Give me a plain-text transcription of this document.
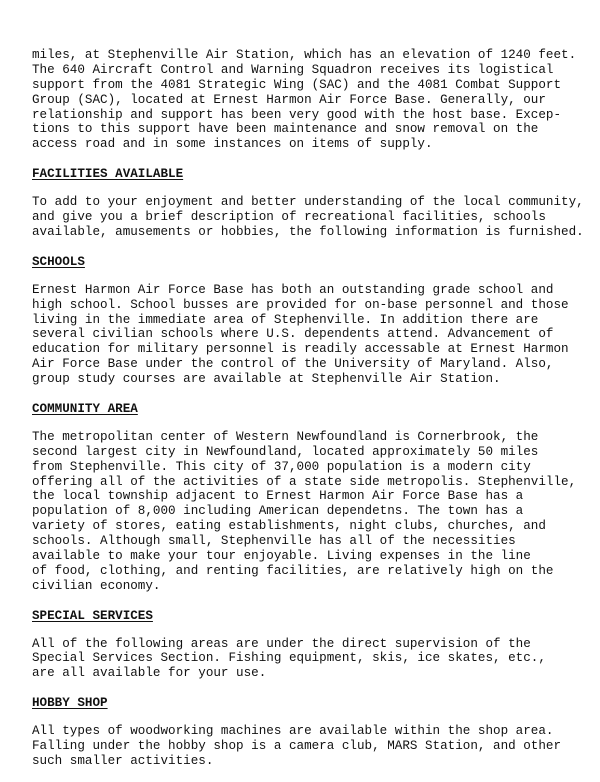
miles, at Stephenville Air Station, which has an elevation of 1240 feet.
The 640 Aircraft Control and Warning Squadron receives its logistical
support from the 4081 Strategic Wing (SAC) and the 4081 Combat Support
Group (SAC), located at Ernest Harmon Air Force Base. Generally, our
relationship and support has been very good with the host base. Excep-
tions to this support have been maintenance and snow removal on the
access road and in some instances on items of supply.

FACILITIES AVAILABLE

To add to your enjoyment and better understanding of the local community,
and give you a brief description of recreational facilities, schools
available, amusements or hobbies, the following information is furnished.

SCHOOLS

Ernest Harmon Air Force Base has both an outstanding grade school and
high school. School busses are provided for on-base personnel and those
living in the immediate area of Stephenville. In addition there are
several civilian schools where U.S. dependents attend. Advancement of
education for military personnel is readily accessable at Ernest Harmon
Air Force Base under the control of the University of Maryland. Also,
group study courses are available at Stephenville Air Station.

COMMUNITY AREA

The metropolitan center of Western Newfoundland is Cornerbrook, the
second largest city in Newfoundland, located approximately 50 miles
from Stephenville. This city of 37,000 population is a modern city
offering all of the activities of a state side metropolis. Stephenville,
the local township adjacent to Ernest Harmon Air Force Base has a
population of 8,000 including American dependetns. The town has a
variety of stores, eating establishments, night clubs, churches, and
schools. Although small, Stephenville has all of the necessities
available to make your tour enjoyable. Living expenses in the line
of food, clothing, and renting facilities, are relatively high on the
civilian economy.

SPECIAL SERVICES

All of the following areas are under the direct supervision of the
Special Services Section. Fishing equipment, skis, ice skates, etc.,
are all available for your use.

HOBBY SHOP

All types of woodworking machines are available within the shop area.
Falling under the hobby shop is a camera club, MARS Station, and other
such smaller activities.
